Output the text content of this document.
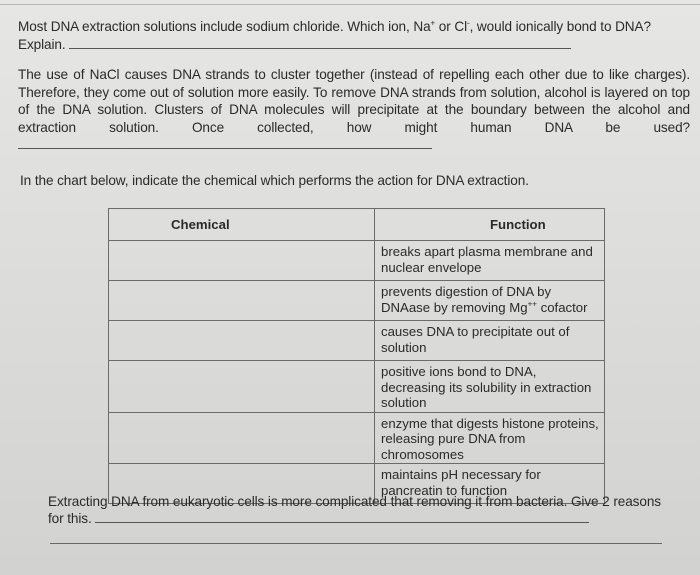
Most DNA extraction solutions include sodium chloride. Which ion, Na+ or Cl-, would ionically bond to DNA? Explain.
The use of NaCl causes DNA strands to cluster together (instead of repelling each other due to like charges). Therefore, they come out of solution more easily. To remove DNA strands from solution, alcohol is layered on top of the DNA solution. Clusters of DNA molecules will precipitate at the boundary between the alcohol and extraction solution. Once collected, how might human DNA be used?
In the chart below, indicate the chemical which performs the action for DNA extraction.
Chemical	Function
	breaks apart plasma membrane and nuclear envelope
	prevents digestion of DNA by DNAase by removing Mg++ cofactor
	causes DNA to precipitate out of solution
	positive ions bond to DNA, decreasing its solubility in extraction solution
	enzyme that digests histone proteins, releasing pure DNA from chromosomes
	maintains pH necessary for pancreatin to function
Extracting DNA from eukaryotic cells is more complicated that removing it from bacteria. Give 2 reasons for this.
